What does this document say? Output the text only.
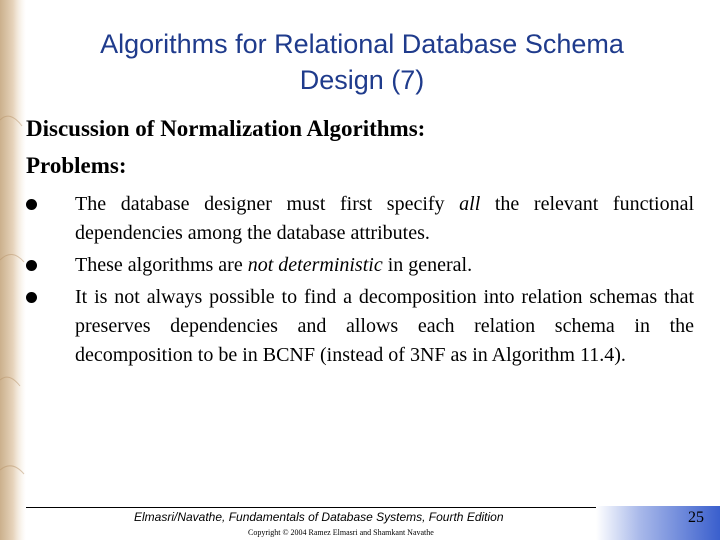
Algorithms for Relational Database Schema
Design (7)
Discussion of Normalization Algorithms:
Problems:
The database designer must first specify all the relevant functional dependencies among the database attributes.
These algorithms are not deterministic in general.
It is not always possible to find a decomposition into relation schemas that preserves dependencies and allows each relation schema in the decomposition to be in BCNF (instead of 3NF as in Algorithm 11.4).
Elmasri/Navathe, Fundamentals of Database Systems, Fourth Edition
Copyright © 2004 Ramez Elmasri and Shamkant Navathe
25
